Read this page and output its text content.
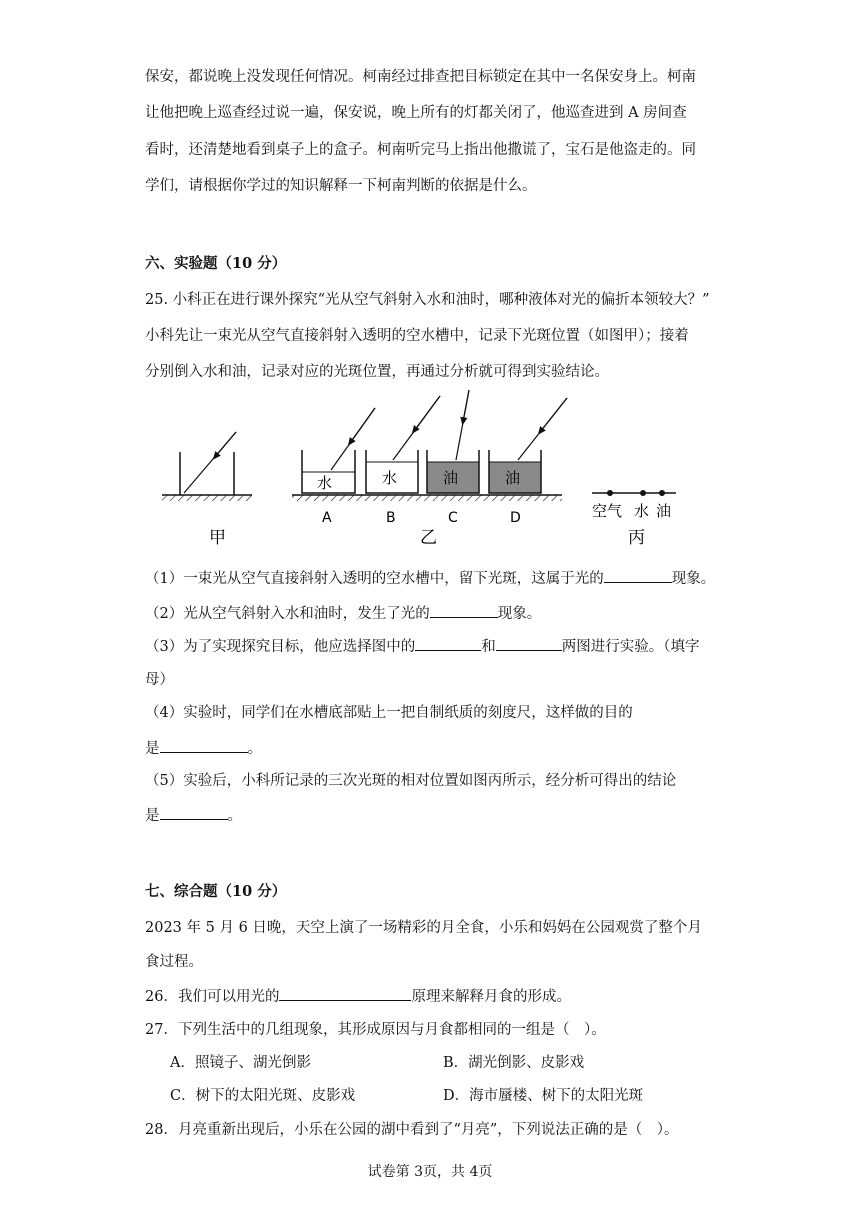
保安，都说晚上没发现任何情况。柯南经过排查把目标锁定在其中一名保安身上。柯南
让他把晚上巡查经过说一遍，保安说，晚上所有的灯都关闭了，他巡查进到 A 房间查
看时，还清楚地看到桌子上的盒子。柯南听完马上指出他撒谎了，宝石是他盗走的。同
学们，请根据你学过的知识解释一下柯南判断的依据是什么。
六、实验题（10 分）
25. 小科正在进行课外探究“光从空气斜射入水和油时，哪种液体对光的偏折本领较大？”
小科先让一束光从空气直接斜射入透明的空水槽中，记录下光斑位置（如图甲）；接着
分别倒入水和油，记录对应的光斑位置，再通过分析就可得到实验结论。
甲
水
A
水
B
油
C
油
D
乙
空气 水 油
丙
（1）一束光从空气直接斜射入透明的空水槽中，留下光斑，这属于光的	现象。
（2）光从空气斜射入水和油时，发生了光的	现象。
（3）为了实现探究目标，他应选择图中的	和	两图进行实验。（填字
母）
（4）实验时，同学们在水槽底部贴上一把自制纸质的刻度尺，这样做的目的
是	。
（5）实验后，小科所记录的三次光斑的相对位置如图丙所示，经分析可得出的结论
是	。
七、综合题（10 分）
2023 年 5 月 6 日晚，天空上演了一场精彩的月全食，小乐和妈妈在公园观赏了整个月
食过程。
26．我们可以用光的	原理来解释月食的形成。
27．下列生活中的几组现象，其形成原因与月食都相同的一组是（　）。
A．照镜子、湖光倒影	B．湖光倒影、皮影戏
C．树下的太阳光斑、皮影戏	D．海市蜃楼、树下的太阳光斑
28．月亮重新出现后，小乐在公园的湖中看到了“月亮”，下列说法正确的是（　）。
试卷第 3页，共 4页
